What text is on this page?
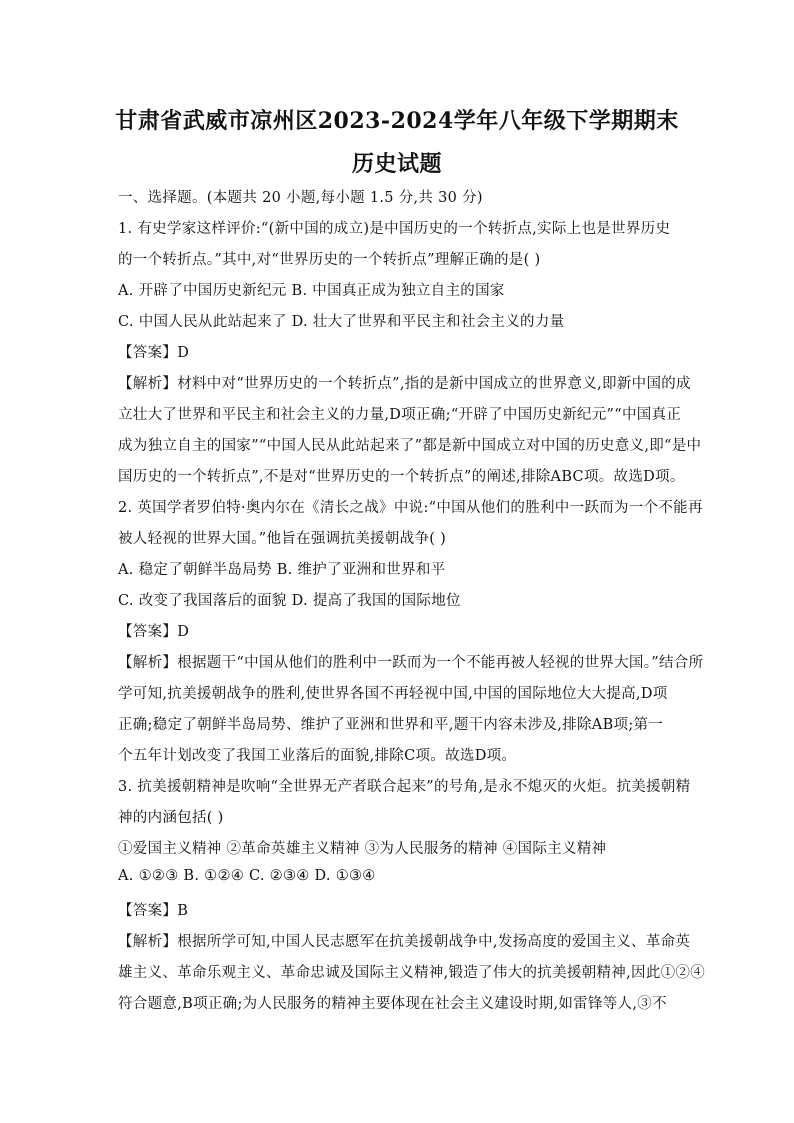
甘肃省武威市凉州区2023-2024学年八年级下学期期末
历史试题
一、选择题。(本题共 20 小题,每小题 1.5 分,共 30 分)
1. 有史学家这样评价:“(新中国的成立)是中国历史的一个转折点,实际上也是世界历史
的一个转折点。”其中,对“世界历史的一个转折点”理解正确的是( )
A. 开辟了中国历史新纪元 B. 中国真正成为独立自主的国家
C. 中国人民从此站起来了 D. 壮大了世界和平民主和社会主义的力量
【答案】D
【解析】材料中对“世界历史的一个转折点”,指的是新中国成立的世界意义,即新中国的成
立壮大了世界和平民主和社会主义的力量,D项正确;“开辟了中国历史新纪元”“中国真正
成为独立自主的国家”“中国人民从此站起来了”都是新中国成立对中国的历史意义,即“是中
国历史的一个转折点”,不是对“世界历史的一个转折点”的阐述,排除ABC项。故选D项。
2. 英国学者罗伯特·奥内尔在《清长之战》中说:“中国从他们的胜利中一跃而为一个不能再
被人轻视的世界大国。”他旨在强调抗美援朝战争( )
A. 稳定了朝鲜半岛局势 B. 维护了亚洲和世界和平
C. 改变了我国落后的面貌 D. 提高了我国的国际地位
【答案】D
【解析】根据题干“中国从他们的胜利中一跃而为一个不能再被人轻视的世界大国。”结合所
学可知,抗美援朝战争的胜利,使世界各国不再轻视中国,中国的国际地位大大提高,D项
正确;稳定了朝鲜半岛局势、维护了亚洲和世界和平,题干内容未涉及,排除AB项;第一
个五年计划改变了我国工业落后的面貌,排除C项。故选D项。
3. 抗美援朝精神是吹响“全世界无产者联合起来”的号角,是永不熄灭的火炬。抗美援朝精
神的内涵包括( )
①爱国主义精神 ②革命英雄主义精神 ③为人民服务的精神 ④国际主义精神
A. ①②③ B. ①②④ C. ②③④ D. ①③④
【答案】B
【解析】根据所学可知,中国人民志愿军在抗美援朝战争中,发扬高度的爱国主义、革命英
雄主义、革命乐观主义、革命忠诚及国际主义精神,锻造了伟大的抗美援朝精神,因此①②④
符合题意,B项正确;为人民服务的精神主要体现在社会主义建设时期,如雷锋等人,③不
